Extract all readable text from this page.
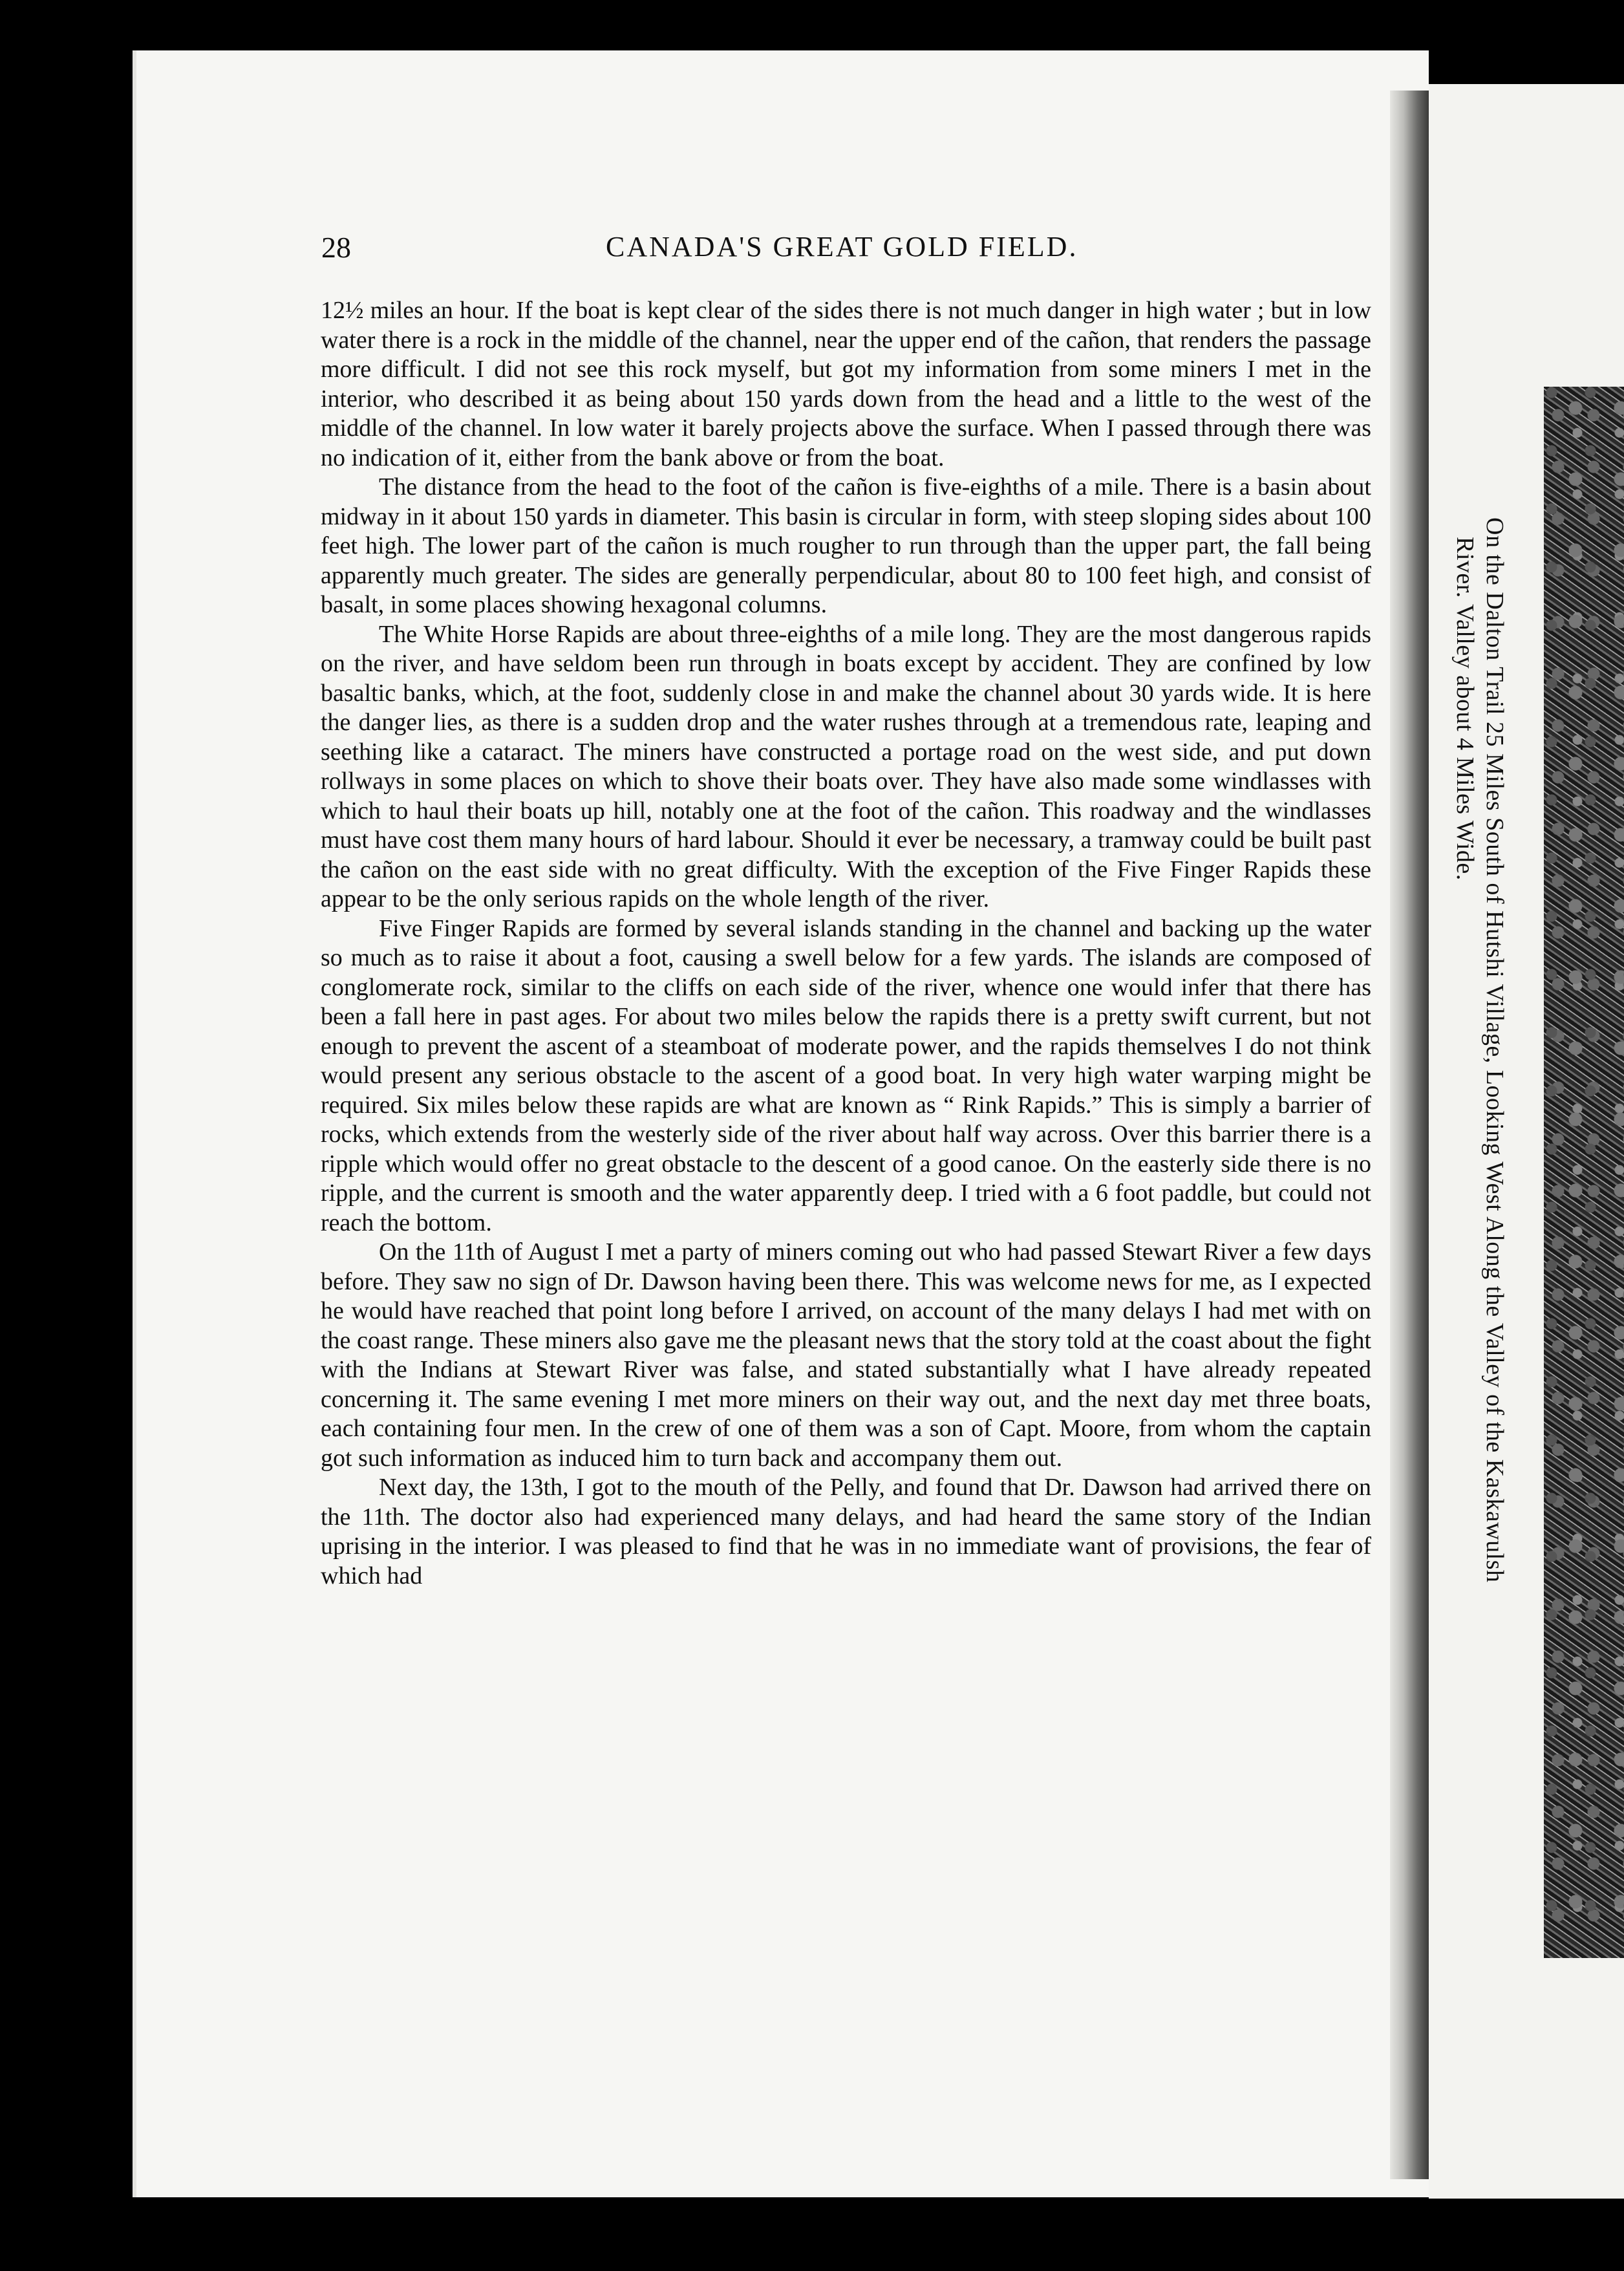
On the Dalton Trail 25 Miles South of Hutshi Village, Looking West Along the Valley of the Kaskawulsh
River. Valley about 4 Miles Wide.
28	CANADA'S GREAT GOLD FIELD.

12½ miles an hour. If the boat is kept clear of the sides there is not much danger in high water ; but in low water there is a rock in the middle of the channel, near the upper end of the cañon, that renders the passage more difficult. I did not see this rock myself, but got my information from some miners I met in the interior, who described it as being about 150 yards down from the head and a little to the west of the middle of the channel. In low water it barely projects above the surface. When I passed through there was no indication of it, either from the bank above or from the boat.

The distance from the head to the foot of the cañon is five-eighths of a mile. There is a basin about midway in it about 150 yards in diameter. This basin is circular in form, with steep sloping sides about 100 feet high. The lower part of the cañon is much rougher to run through than the upper part, the fall being apparently much greater. The sides are generally perpendicular, about 80 to 100 feet high, and consist of basalt, in some places showing hexagonal columns.

The White Horse Rapids are about three-eighths of a mile long. They are the most dangerous rapids on the river, and have seldom been run through in boats except by accident. They are confined by low basaltic banks, which, at the foot, suddenly close in and make the channel about 30 yards wide. It is here the danger lies, as there is a sudden drop and the water rushes through at a tremendous rate, leaping and seething like a cataract. The miners have constructed a portage road on the west side, and put down rollways in some places on which to shove their boats over. They have also made some windlasses with which to haul their boats up hill, notably one at the foot of the cañon. This roadway and the windlasses must have cost them many hours of hard labour. Should it ever be necessary, a tramway could be built past the cañon on the east side with no great difficulty. With the exception of the Five Finger Rapids these appear to be the only serious rapids on the whole length of the river.

Five Finger Rapids are formed by several islands standing in the channel and backing up the water so much as to raise it about a foot, causing a swell below for a few yards. The islands are composed of conglomerate rock, similar to the cliffs on each side of the river, whence one would infer that there has been a fall here in past ages. For about two miles below the rapids there is a pretty swift current, but not enough to prevent the ascent of a steamboat of moderate power, and the rapids themselves I do not think would present any serious obstacle to the ascent of a good boat. In very high water warping might be required. Six miles below these rapids are what are known as “ Rink Rapids.” This is simply a barrier of rocks, which extends from the westerly side of the river about half way across. Over this barrier there is a ripple which would offer no great obstacle to the descent of a good canoe. On the easterly side there is no ripple, and the current is smooth and the water apparently deep. I tried with a 6 foot paddle, but could not reach the bottom.

On the 11th of August I met a party of miners coming out who had passed Stewart River a few days before. They saw no sign of Dr. Dawson having been there. This was welcome news for me, as I expected he would have reached that point long before I arrived, on account of the many delays I had met with on the coast range. These miners also gave me the pleasant news that the story told at the coast about the fight with the Indians at Stewart River was false, and stated substantially what I have already repeated concerning it. The same evening I met more miners on their way out, and the next day met three boats, each containing four men. In the crew of one of them was a son of Capt. Moore, from whom the captain got such information as induced him to turn back and accompany them out.

Next day, the 13th, I got to the mouth of the Pelly, and found that Dr. Dawson had arrived there on the 11th. The doctor also had experienced many delays, and had heard the same story of the Indian uprising in the interior. I was pleased to find that he was in no immediate want of provisions, the fear of which had
